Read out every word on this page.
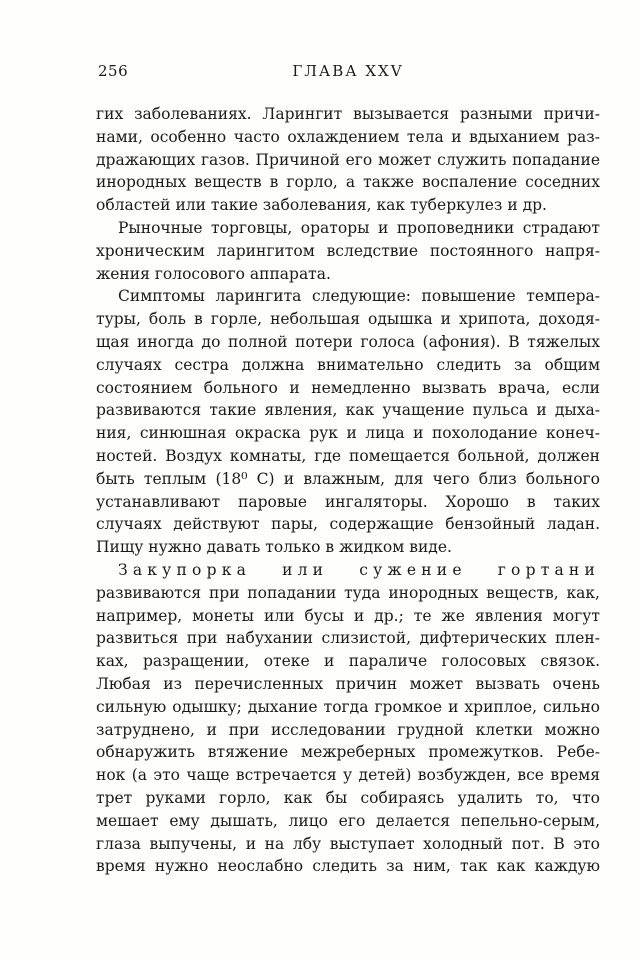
256	ГЛАВА XXV
гих заболеваниях. Ларингит вызывается разными причи-
нами, особенно часто охлаждением тела и вдыханием раз-
дражающих газов. Причиной его может служить попадание
инородных веществ в горло, а также воспаление соседних
областей или такие заболевания, как туберкулез и др.
Рыночные торговцы, ораторы и проповедники страдают
хроническим ларингитом вследствие постоянного напря-
жения голосового аппарата.
Симптомы ларингита следующие: повышение темпера-
туры, боль в горле, небольшая одышка и хрипота, доходя-
щая иногда до полной потери голоса (афония). В тяжелых
случаях сестра должна внимательно следить за общим
состоянием больного и немедленно вызвать врача, если
развиваются такие явления, как учащение пульса и дыха-
ния, синюшная окраска рук и лица и похолодание конеч-
ностей. Воздух комнаты, где помещается больной, должен
быть теплым (18⁰ С) и влажным, для чего близ больного
устанавливают паровые ингаляторы. Хорошо в таких
случаях действуют пары, содержащие бензойный ладан.
Пищу нужно давать только в жидком виде.
Закупорка или сужение гортани
развиваются при попадании туда инородных веществ, как,
например, монеты или бусы и др.; те же явления могут
развиться при набухании слизистой, дифтерических плен-
ках, разращении, отеке и параличе голосовых связок.
Любая из перечисленных причин может вызвать очень
сильную одышку; дыхание тогда громкое и хриплое, сильно
затруднено, и при исследовании грудной клетки можно
обнаружить втяжение межреберных промежутков. Ребе-
нок (а это чаще встречается у детей) возбужден, все время
трет руками горло, как бы собираясь удалить то, что
мешает ему дышать, лицо его делается пепельно-серым,
глаза выпучены, и на лбу выступает холодный пот. В это
время нужно неослабно следить за ним, так как каждую
